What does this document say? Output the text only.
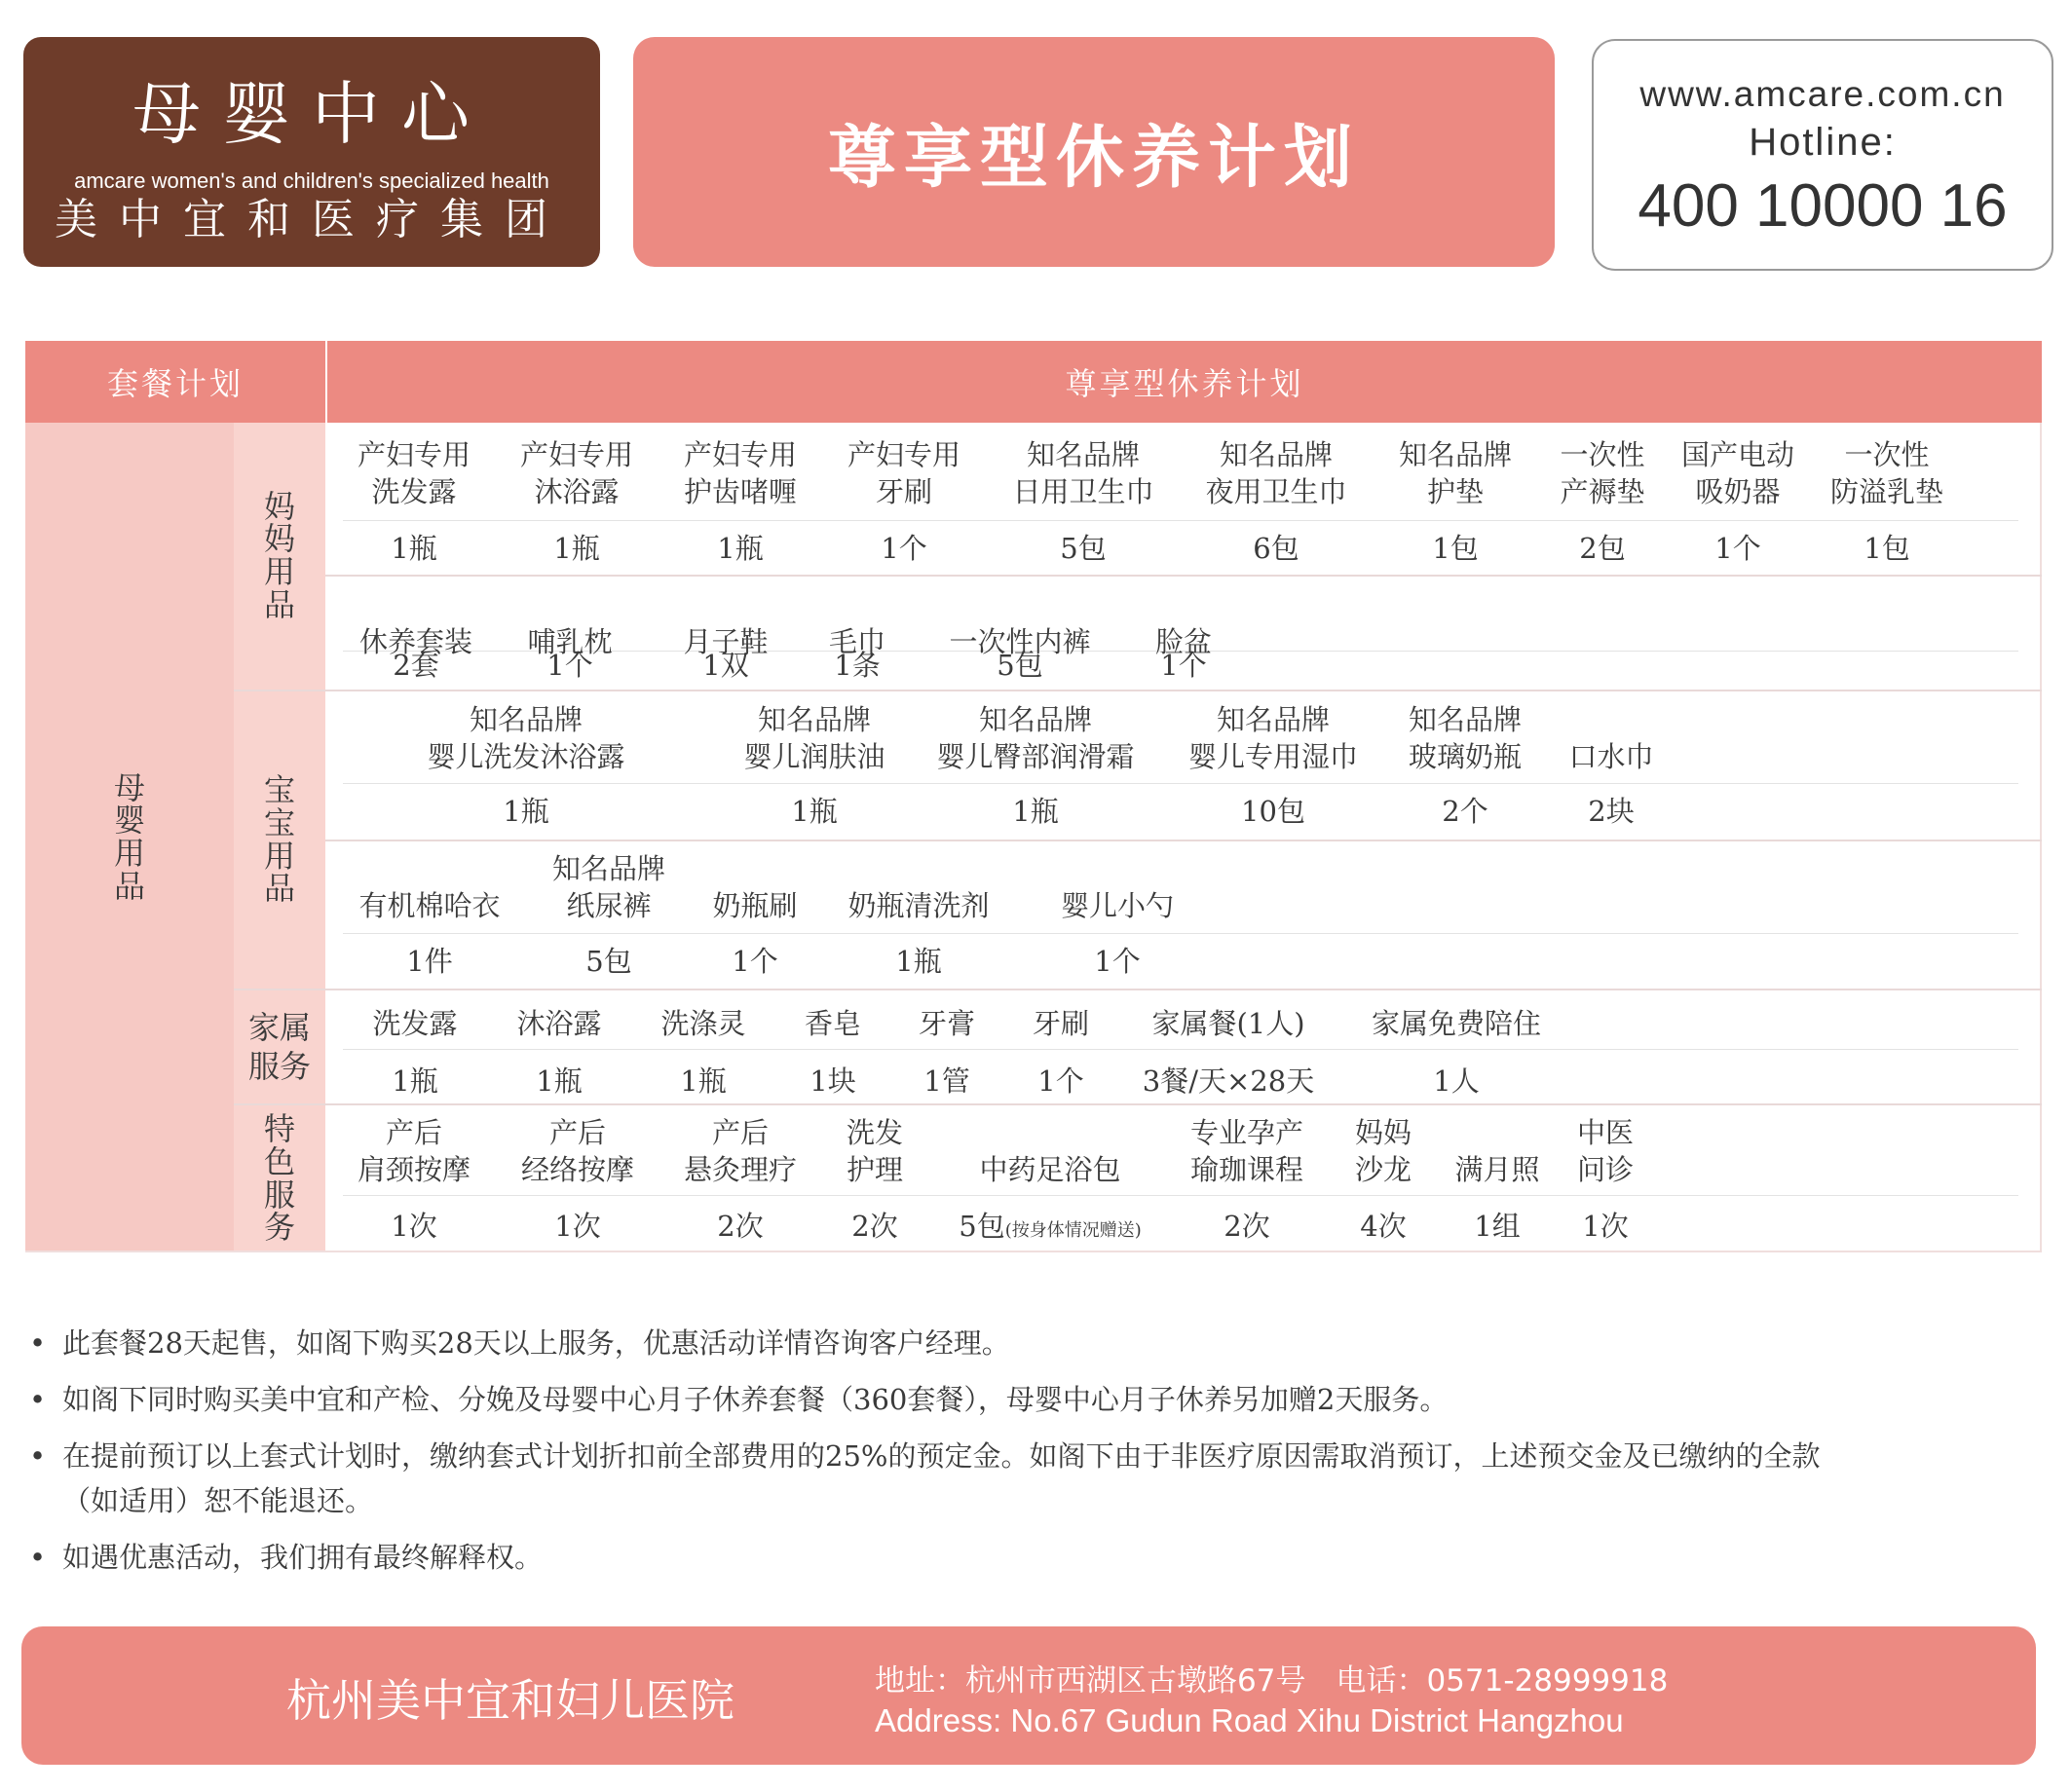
母婴中心
amcare women's and children's specialized health
美中宜和医疗集团
尊享型休养计划
www.amcare.com.cn
Hotline:
400 10000 16
套餐计划	尊享型休养计划
母
婴
用
品
妈
妈
用
品
宝
宝
用
品
家属
服务
特
色
服
务
产妇专用
洗发露
1瓶
产妇专用
沐浴露
1瓶
产妇专用
护齿啫喱
1瓶
产妇专用
牙刷
1个
知名品牌
日用卫生巾
5包
知名品牌
夜用卫生巾
6包
知名品牌
护垫
1包
一次性
产褥垫
2包
国产电动
吸奶器
1个
一次性
防溢乳垫
1包
休养套装
2套
哺乳枕
1个
月子鞋
1双
毛巾
1条
一次性内裤
5包
脸盆
1个
知名品牌
婴儿洗发沐浴露
1瓶
知名品牌
婴儿润肤油
1瓶
知名品牌
婴儿臀部润滑霜
1瓶
知名品牌
婴儿专用湿巾
10包
知名品牌
玻璃奶瓶
2个
口水巾
2块
有机棉哈衣
1件
知名品牌
纸尿裤
5包
奶瓶刷
1个
奶瓶清洗剂
1瓶
婴儿小勺
1个
洗发露
1瓶
沐浴露
1瓶
洗涤灵
1瓶
香皂
1块
牙膏
1管
牙刷
1个
家属餐(1人)
3餐/天×28天
家属免费陪住
1人
产后
肩颈按摩
1次
产后
经络按摩
1次
产后
悬灸理疗
2次
洗发
护理
2次
中药足浴包
5包(按身体情况赠送)
专业孕产
瑜珈课程
2次
妈妈
沙龙
4次
满月照
1组
中医
问诊
1次
• 此套餐28天起售，如阁下购买28天以上服务，优惠活动详情咨询客户经理。
• 如阁下同时购买美中宜和产检、分娩及母婴中心月子休养套餐（360套餐），母婴中心月子休养另加赠2天服务。
• 在提前预订以上套式计划时，缴纳套式计划折扣前全部费用的25%的预定金。如阁下由于非医疗原因需取消预订，上述预交金及已缴纳的全款
（如适用）恕不能退还。
• 如遇优惠活动，我们拥有最终解释权。
杭州美中宜和妇儿医院	地址：杭州市西湖区古墩路67号　电话：0571-28999918
Address: No.67 Gudun Road Xihu District Hangzhou
